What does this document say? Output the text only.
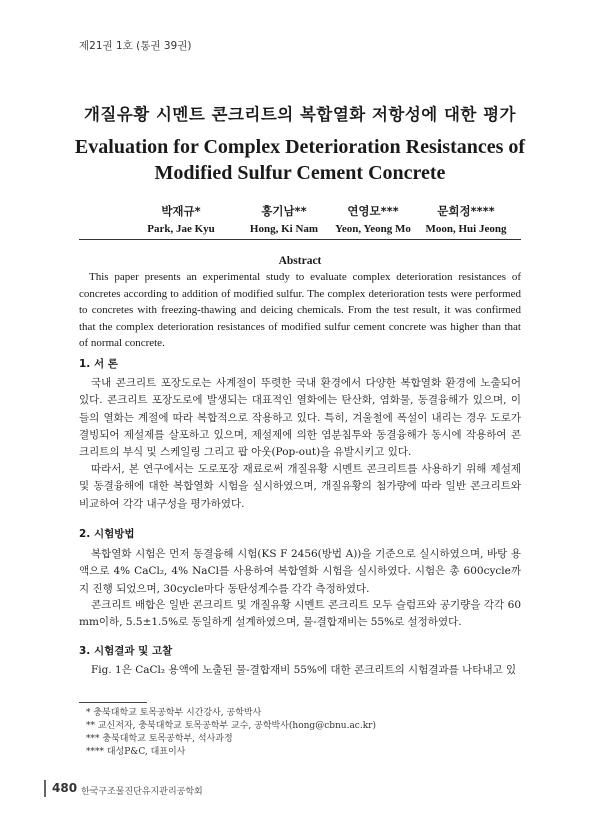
제21권 1호 (통권 39권)
개질유황 시멘트 콘크리트의 복합열화 저항성에 대한 평가
Evaluation for Complex Deterioration Resistances of
Modified Sulfur Cement Concrete
박재규*
Park, Jae Kyu
홍기남**
Hong, Ki Nam
연영모***
Yeon, Yeong Mo
문희정****
Moon, Hui Jeong
Abstract
This paper presents an experimental study to evaluate complex deterioration resistances of concretes according to addition of modified sulfur. The complex deterioration tests were performed to concretes with freezing-thawing and deicing chemicals. From the test result, it was confirmed that the complex deterioration resistances of modified sulfur cement concrete was higher than that of normal concrete.
1. 서 론
국내 콘크리트 포장도로는 사계절이 뚜렷한 국내 환경에서 다양한 복합열화 환경에 노출되어 있다. 콘크리트 포장도로에 발생되는 대표적인 열화에는 탄산화, 염화물, 동결융해가 있으며, 이들의 열화는 계절에 따라 복합적으로 작용하고 있다. 특히, 겨울철에 폭설이 내리는 경우 도로가 결빙되어 제설제를 살포하고 있으며, 제설제에 의한 염분침투와 동결융해가 동시에 작용하여 콘크리트의 부식 및 스케일링 그리고 팝 아웃(Pop-out)을 유발시키고 있다.
따라서, 본 연구에서는 도로포장 재료로써 개질유황 시멘트 콘크리트를 사용하기 위해 제설제 및 동결융해에 대한 복합열화 시험을 실시하였으며, 개질유황의 첨가량에 따라 일반 콘크리트와 비교하여 각각 내구성을 평가하였다.
2. 시험방법
복합열화 시험은 먼저 동결융해 시험(KS F 2456(방법 A))을 기준으로 실시하였으며, 바탕 용액으로 4% CaCl₂, 4% NaCl를 사용하여 복합열화 시험을 실시하였다. 시험은 총 600cycle까지 진행 되었으며, 30cycle마다 동탄성계수를 각각 측정하였다.
콘크리트 배합은 일반 콘크리트 및 개질유황 시멘트 콘크리트 모두 슬럼프와 공기량을 각각 60 mm이하, 5.5±1.5%로 동일하게 설계하였으며, 물-결합재비는 55%로 설정하였다.
3. 시험결과 및 고찰
Fig. 1은 CaCl₂ 용액에 노출된 물-결합재비 55%에 대한 콘크리트의 시험결과를 나타내고 있
* 충북대학교 토목공학부 시간강사, 공학박사
** 교신저자, 충북대학교 토목공학부 교수, 공학박사(hong@cbnu.ac.kr)
*** 충북대학교 토목공학부, 석사과정
**** 대성P&C, 대표이사
480 한국구조물진단유지관리공학회
